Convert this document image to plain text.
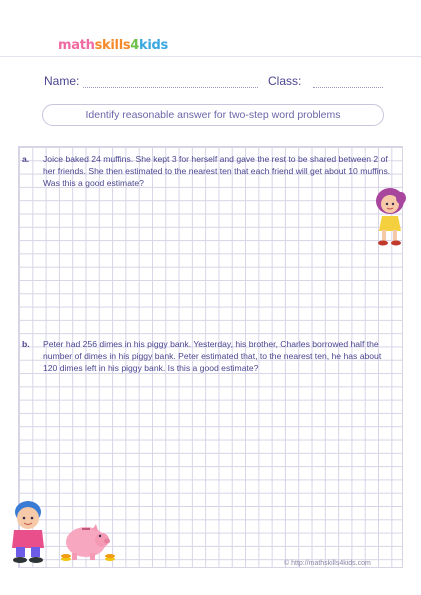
mathskills4kids
Name:	Class:
Identify reasonable answer for two-step word problems
a. Joice baked 24 muffins. She kept 3 for herself and gave the rest to be shared between 2 of her friends. She then estimated to the nearest ten that each friend will get about 10 muffins. Was this a good estimate?
b. Peter had 256 dimes in his piggy bank. Yesterday, his brother, Charles borrowed half the number of dimes in his piggy bank. Peter estimated that, to the nearest ten, he has about 120 dimes left in his piggy bank. Is this a good estimate?
© http://mathskills4kids.com
